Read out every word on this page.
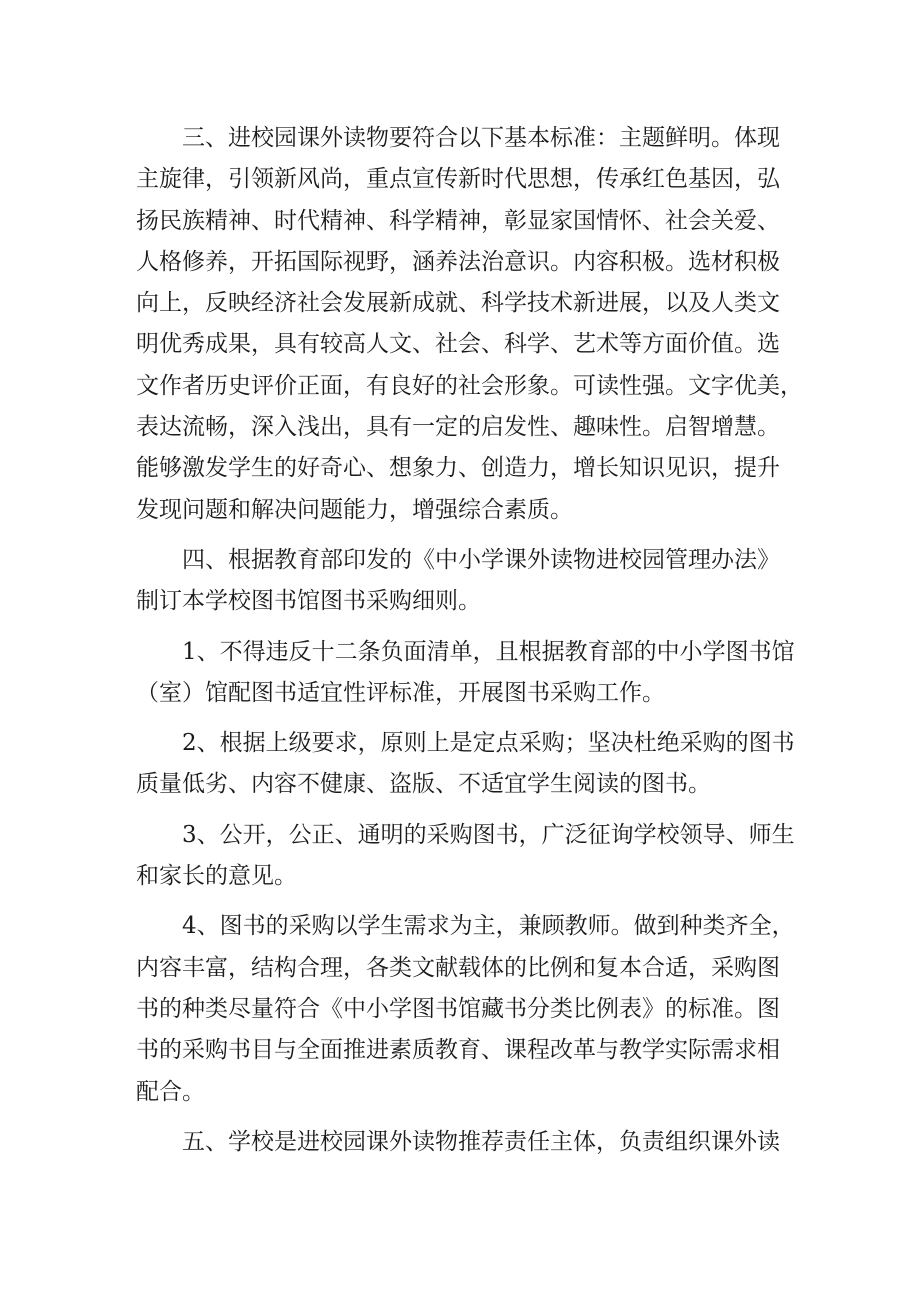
三、进校园课外读物要符合以下基本标准：主题鲜明。体现
主旋律，引领新风尚，重点宣传新时代思想，传承红色基因，弘
扬民族精神、时代精神、科学精神，彰显家国情怀、社会关爱、
人格修养，开拓国际视野，涵养法治意识。内容积极。选材积极
向上，反映经济社会发展新成就、科学技术新进展，以及人类文
明优秀成果，具有较高人文、社会、科学、艺术等方面价值。选
文作者历史评价正面，有良好的社会形象。可读性强。文字优美，
表达流畅，深入浅出，具有一定的启发性、趣味性。启智增慧。
能够激发学生的好奇心、想象力、创造力，增长知识见识，提升
发现问题和解决问题能力，增强综合素质。
四、根据教育部印发的《中小学课外读物进校园管理办法》
制订本学校图书馆图书采购细则。
1、不得违反十二条负面清单，且根据教育部的中小学图书馆
（室）馆配图书适宜性评标准，开展图书采购工作。
2、根据上级要求，原则上是定点采购；坚决杜绝采购的图书
质量低劣、内容不健康、盗版、不适宜学生阅读的图书。
3、公开，公正、通明的采购图书，广泛征询学校领导、师生
和家长的意见。
4、图书的采购以学生需求为主，兼顾教师。做到种类齐全，
内容丰富，结构合理，各类文献载体的比例和复本合适，采购图
书的种类尽量符合《中小学图书馆藏书分类比例表》的标准。图
书的采购书目与全面推进素质教育、课程改革与教学实际需求相
配合。
五、学校是进校园课外读物推荐责任主体，负责组织课外读
